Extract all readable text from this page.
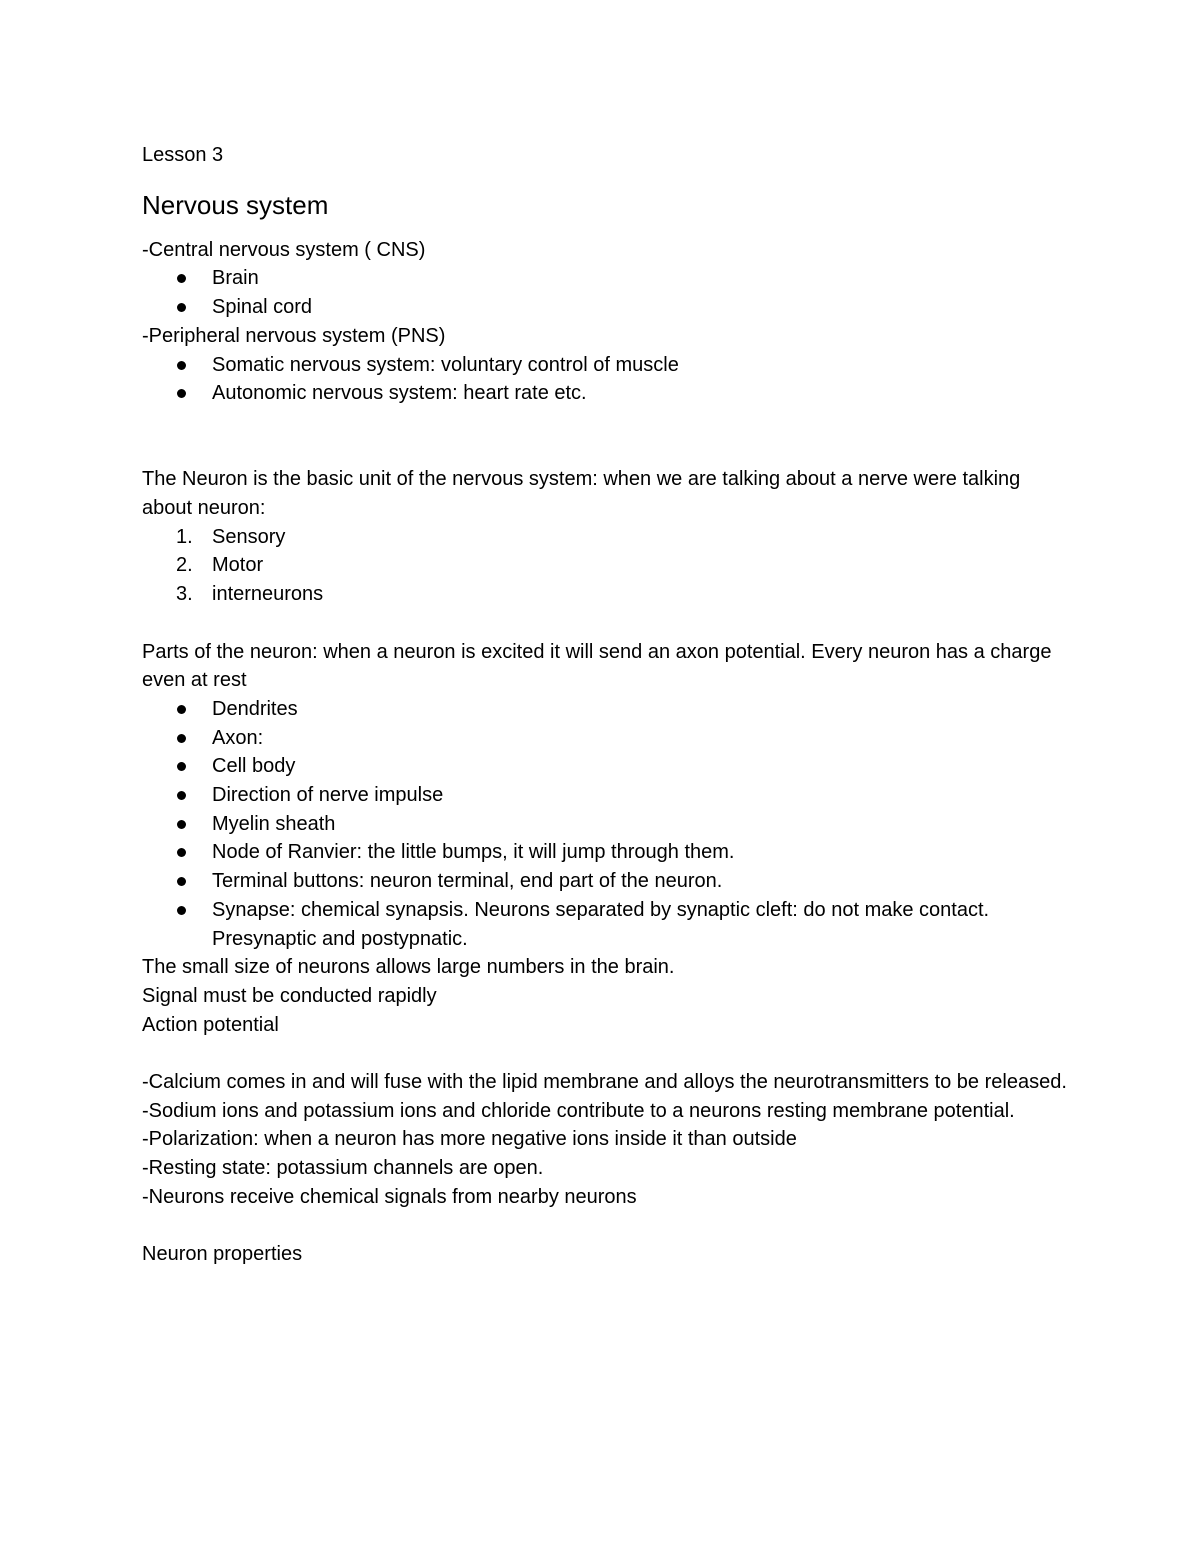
Lesson 3

Nervous system

-Central nervous system ( CNS)

Brain
Spinal cord

-Peripheral nervous system (PNS)

Somatic nervous system: voluntary control of muscle
Autonomic nervous system: heart rate etc.

The Neuron is the basic unit of the nervous system: when we are talking about a nerve were talking about neuron:

1. Sensory
2. Motor
3. interneurons

Parts of the neuron: when a neuron is excited it will send an axon potential. Every neuron has a charge even at rest

Dendrites
Axon:
Cell body
Direction of nerve impulse
Myelin sheath
Node of Ranvier: the little bumps, it will jump through them.
Terminal buttons: neuron terminal, end part of the neuron.
Synapse: chemical synapsis. Neurons separated by synaptic cleft: do not make contact. Presynaptic and postypnatic.

The small size of neurons allows large numbers in the brain.

Signal must be conducted rapidly

Action potential

-Calcium comes in and will fuse with the lipid membrane and alloys the neurotransmitters to be released.

-Sodium ions and potassium ions and chloride contribute to a neurons resting membrane potential.

-Polarization: when a neuron has more negative ions inside it than outside

-Resting state: potassium channels are open.

-Neurons receive chemical signals from nearby neurons

Neuron properties
